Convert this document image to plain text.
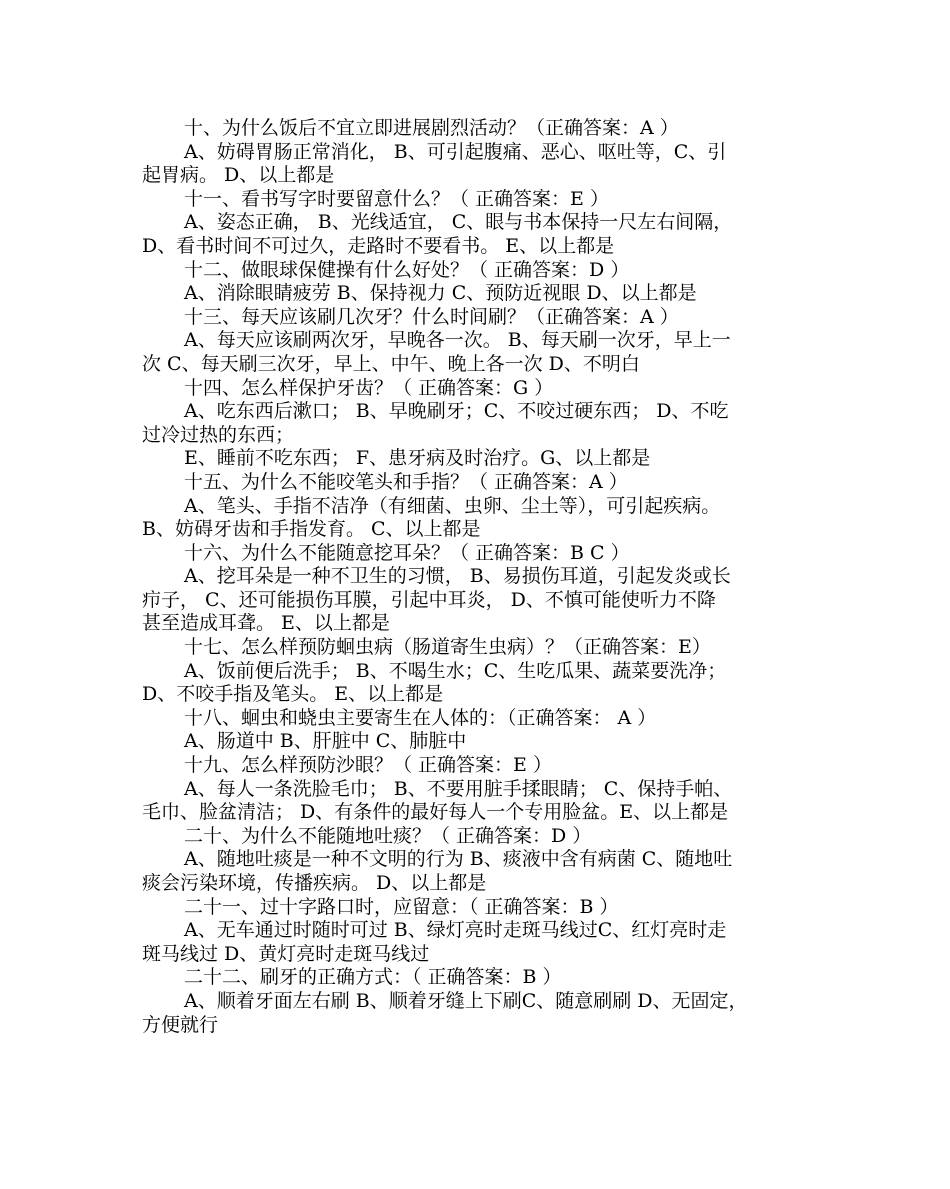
十、为什么饭后不宜立即进展剧烈活动？（正确答案：A ）
A、妨碍胃肠正常消化， B、可引起腹痛、恶心、呕吐等，C、引
起胃病。 D、以上都是
十一、看书写字时要留意什么？（ 正确答案：E ）
A、姿态正确， B、光线适宜， C、眼与书本保持一尺左右间隔，
D、看书时间不可过久，走路时不要看书。 E、以上都是
十二、做眼球保健操有什么好处？（ 正确答案：D ）
A、消除眼睛疲劳 B、保持视力 C、预防近视眼 D、以上都是
十三、每天应该刷几次牙？什么时间刷？（正确答案：A ）
A、每天应该刷两次牙，早晚各一次。 B、每天刷一次牙，早上一
次 C、每天刷三次牙，早上、中午、晚上各一次 D、不明白
十四、怎么样保护牙齿？（ 正确答案：G ）
A、吃东西后漱口； B、早晚刷牙；C、不咬过硬东西； D、不吃
过冷过热的东西；
E、睡前不吃东西； F、患牙病及时治疗。G、以上都是
十五、为什么不能咬笔头和手指？（ 正确答案：A ）
A、笔头、手指不洁净（有细菌、虫卵、尘土等），可引起疾病。
B、妨碍牙齿和手指发育。 C、以上都是
十六、为什么不能随意挖耳朵？（ 正确答案：B C ）
A、挖耳朵是一种不卫生的习惯， B、易损伤耳道，引起发炎或长
疖子， C、还可能损伤耳膜，引起中耳炎， D、不慎可能使听力不降
甚至造成耳聋。 E、以上都是
十七、怎么样预防蛔虫病（肠道寄生虫病）？（正确答案：E）
A、饭前便后洗手； B、不喝生水；C、生吃瓜果、蔬菜要洗净；
D、不咬手指及笔头。 E、以上都是
十八、蛔虫和蛲虫主要寄生在人体的：（正确答案： A ）
A、肠道中 B、肝脏中 C、肺脏中
十九、怎么样预防沙眼？（ 正确答案：E ）
A、每人一条洗脸毛巾； B、不要用脏手揉眼睛； C、保持手帕、
毛巾、脸盆清洁； D、有条件的最好每人一个专用脸盆。E、以上都是
二十、为什么不能随地吐痰？（ 正确答案：D ）
A、随地吐痰是一种不文明的行为 B、痰液中含有病菌 C、随地吐
痰会污染环境，传播疾病。 D、以上都是
二十一、过十字路口时，应留意：（ 正确答案：B ）
A、无车通过时随时可过 B、绿灯亮时走斑马线过C、红灯亮时走
斑马线过 D、黄灯亮时走斑马线过
二十二、刷牙的正确方式：（ 正确答案：B ）
A、顺着牙面左右刷 B、顺着牙缝上下刷C、随意刷刷 D、无固定，
方便就行
